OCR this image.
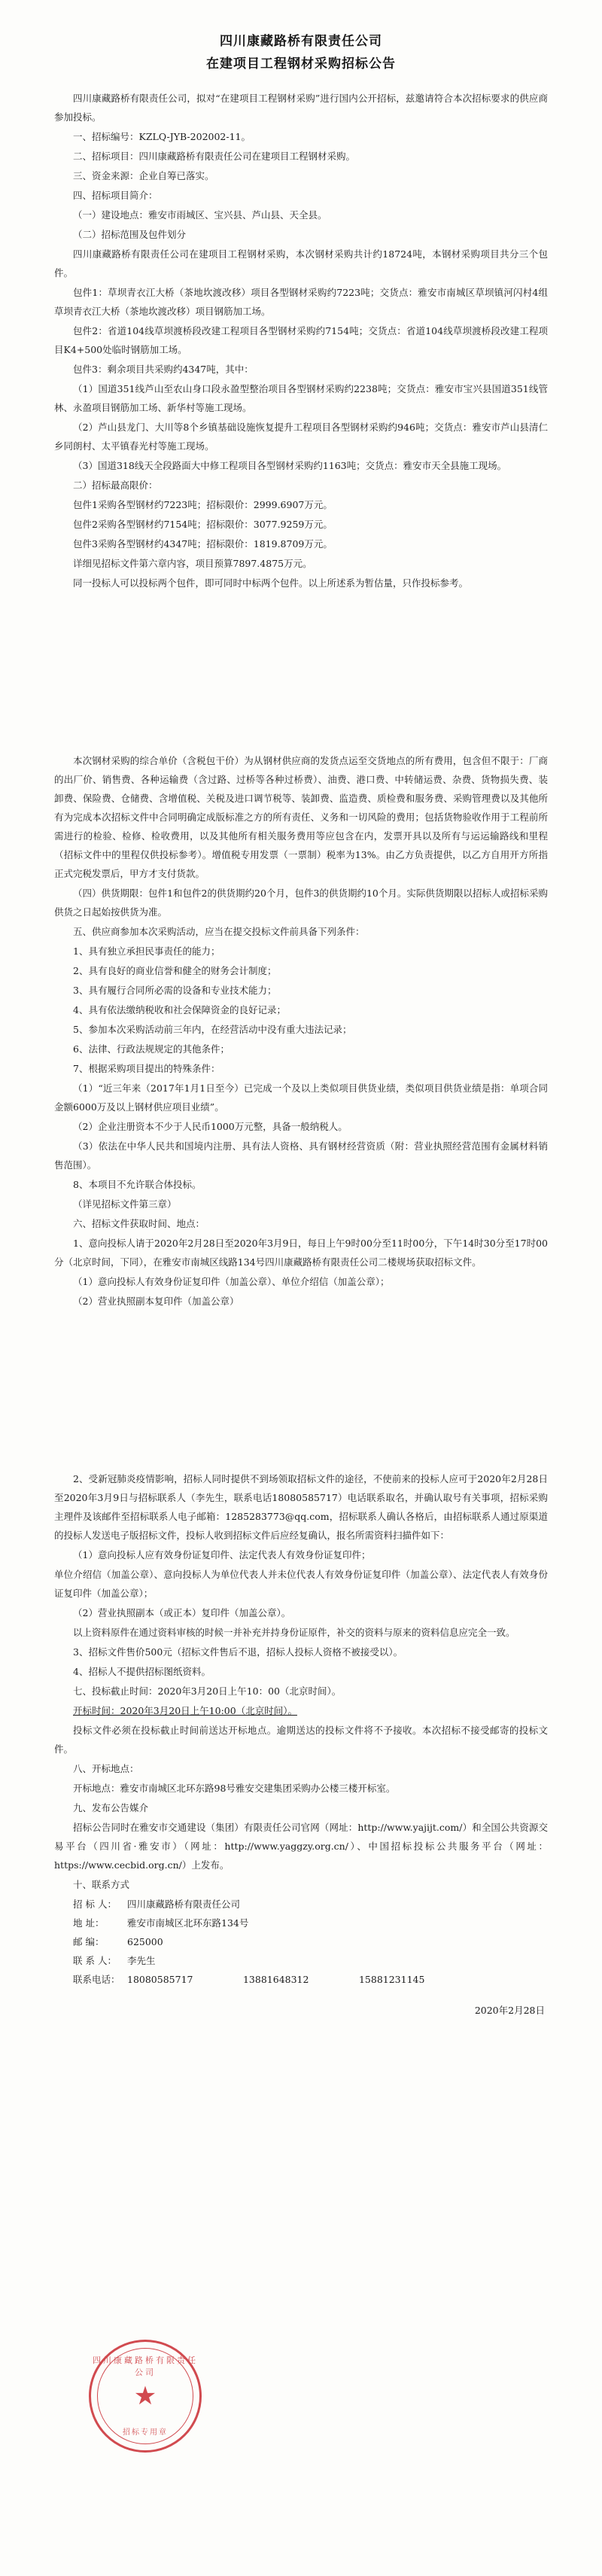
四川康藏路桥有限责任公司
在建项目工程钢材采购招标公告

四川康藏路桥有限责任公司，拟对“在建项目工程钢材采购”进行国内公开招标，兹邀请符合本次招标要求的供应商参加投标。

一、招标编号：KZLQ-JYB-202002-11。

二、招标项目：四川康藏路桥有限责任公司在建项目工程钢材采购。

三、资金来源：企业自筹已落实。

四、招标项目简介：

（一）建设地点：雅安市雨城区、宝兴县、芦山县、天全县。

（二）招标范围及包件划分

四川康藏路桥有限责任公司在建项目工程钢材采购，本次钢材采购共计约18724吨，本钢材采购项目共分三个包件。

包件1：草坝青衣江大桥（茶地坎渡改移）项目各型钢材采购约7223吨；交货点：雅安市南城区草坝镇河闪村4组草坝青衣江大桥（茶地坎渡改移）项目钢筋加工场。

包件2：省道104线草坝渡桥段改建工程项目各型钢材采购约7154吨；交货点：省道104线草坝渡桥段改建工程项目K4+500处临时钢筋加工场。

包件3：剩余项目共采购约4347吨，其中：

（1）国道351线芦山至农山身口段永盈型整治项目各型钢材采购约2238吨；交货点：雅安市宝兴县国道351线管林、永盈项目钢筋加工场、新华村等施工现场。

（2）芦山县龙门、大川等8个乡镇基础设施恢复提升工程项目各型钢材采购约946吨；交货点：雅安市芦山县清仁乡同朗村、太平镇春光村等施工现场。

（3）国道318线天全段路面大中修工程项目各型钢材采购约1163吨；交货点：雅安市天全县施工现场。

二）招标最高限价：

包件1采购各型钢材约7223吨；招标限价：2999.6907万元。

包件2采购各型钢材约7154吨；招标限价：3077.9259万元。

包件3采购各型钢材约4347吨；招标限价：1819.8709万元。

详细见招标文件第六章内容，项目预算7897.4875万元。

同一投标人可以投标两个包件，即可同时中标两个包件。以上所述系为暂估量，只作投标参考。

本次钢材采购的综合单价（含税包干价）为从钢材供应商的发货点运至交货地点的所有费用，包含但不限于：厂商的出厂价、销售费、各种运输费（含过路、过桥等各种过桥费）、油费、港口费、中转储运费、杂费、货物损失费、装卸费、保险费、仓储费、含增值税、关税及进口调节税等、装卸费、监造费、质检费和服务费、采购管理费以及其他所有为完成本次招标文件中合同明确定成版标准之方的所有责任、义务和一切风险的费用；包括货物验收作用于工程前所需进行的检验、检修、检收费用，以及其他所有相关服务费用等应包含在内，发票开具以及所有与运运输路线和里程（招标文件中的里程仅供投标参考）。增值税专用发票（一票制）税率为13%。由乙方负责提供，以乙方自用开方所指正式完税发票后，甲方才支付货款。

（四）供货期限：包件1和包件2的供货期约20个月，包件3的供货期约10个月。实际供货期限以招标人或招标采购供货之日起始按供货为准。

五、供应商参加本次采购活动，应当在提交投标文件前具备下列条件：

1、具有独立承担民事责任的能力；

2、具有良好的商业信誉和健全的财务会计制度；

3、具有履行合同所必需的设备和专业技术能力；

4、具有依法缴纳税收和社会保障资金的良好记录；

5、参加本次采购活动前三年内，在经营活动中没有重大违法记录；

6、法律、行政法规规定的其他条件；

7、根据采购项目提出的特殊条件：

（1）“近三年来（2017年1月1日至今）已完成一个及以上类似项目供货业绩，类似项目供货业绩是指：单项合同金额6000万及以上钢材供应项目业绩”。

（2）企业注册资本不少于人民币1000万元整，具备一般纳税人。

（3）依法在中华人民共和国境内注册、具有法人资格、具有钢材经营资质（附：营业执照经营范围有金属材料销售范围）。

8、本项目不允许联合体投标。

（详见招标文件第三章）

六、招标文件获取时间、地点：

1、意向投标人请于2020年2月28日至2020年3月9日，每日上午9时00分至11时00分，下午14时30分至17时00分（北京时间，下同），在雅安市南城区线路134号四川康藏路桥有限责任公司二楼规场获取招标文件。

（1）意向投标人有效身份证复印件（加盖公章）、单位介绍信（加盖公章）；

（2）营业执照副本复印件（加盖公章）

2、受新冠肺炎疫情影响，招标人同时提供不到场领取招标文件的途径，不使前来的投标人应可于2020年2月28日至2020年3月9日与招标联系人（李先生，联系电话18080585717）电话联系取名，并确认取号有关事项，招标采购主理件及该邮件至招标联系人电子邮箱：1285283773@qq.com，招标联系人确认各格后，由招标联系人通过原渠道的投标人发送电子版招标文件，投标人收到招标文件后应经复确认，报名所需资料扫描件如下：

（1）意向投标人应有效身份证复印件、法定代表人有效身份证复印件；

单位介绍信（加盖公章）、意向投标人为单位代表人并未位代表人有效身份证复印件（加盖公章）、法定代表人有效身份证复印件（加盖公章）；

（2）营业执照副本（或正本）复印件（加盖公章）。

以上资料原件在通过资料审核的时候一并补充并持身份证原件，补交的资料与原来的资料信息应完全一致。

3、招标文件售价500元（招标文件售后不退，招标人投标人资格不被接受以）。

4、招标人不提供招标图纸资料。

七、投标截止时间：2020年3月20日上午10：00（北京时间）。

开标时间：2020年3月20日上午10:00（北京时间）。

投标文件必须在投标截止时间前送达开标地点。逾期送达的投标文件将不予接收。本次招标不接受邮寄的投标文件。

八、开标地点：

开标地点：雅安市南城区北环东路98号雅安交建集团采购办公楼三楼开标室。

九、发布公告媒介

招标公告同时在雅安市交通建设（集团）有限责任公司官网（网址：http://www.yajijt.com/）和全国公共资源交易平台（四川省·雅安市）（网址：http://www.yaggzy.org.cn/）、中国招标投标公共服务平台（网址：https://www.cecbid.org.cn/）上发布。

十、联系方式

招 标 人：	四川康藏路桥有限责任公司
地 址：	雅安市南城区北环东路134号
邮 编：	625000
联 系 人：	李先生
联系电话： 18080585717	13881648312	15881231145
2020年2月28日
四川康藏路桥有限责任公司
★
招标专用章
